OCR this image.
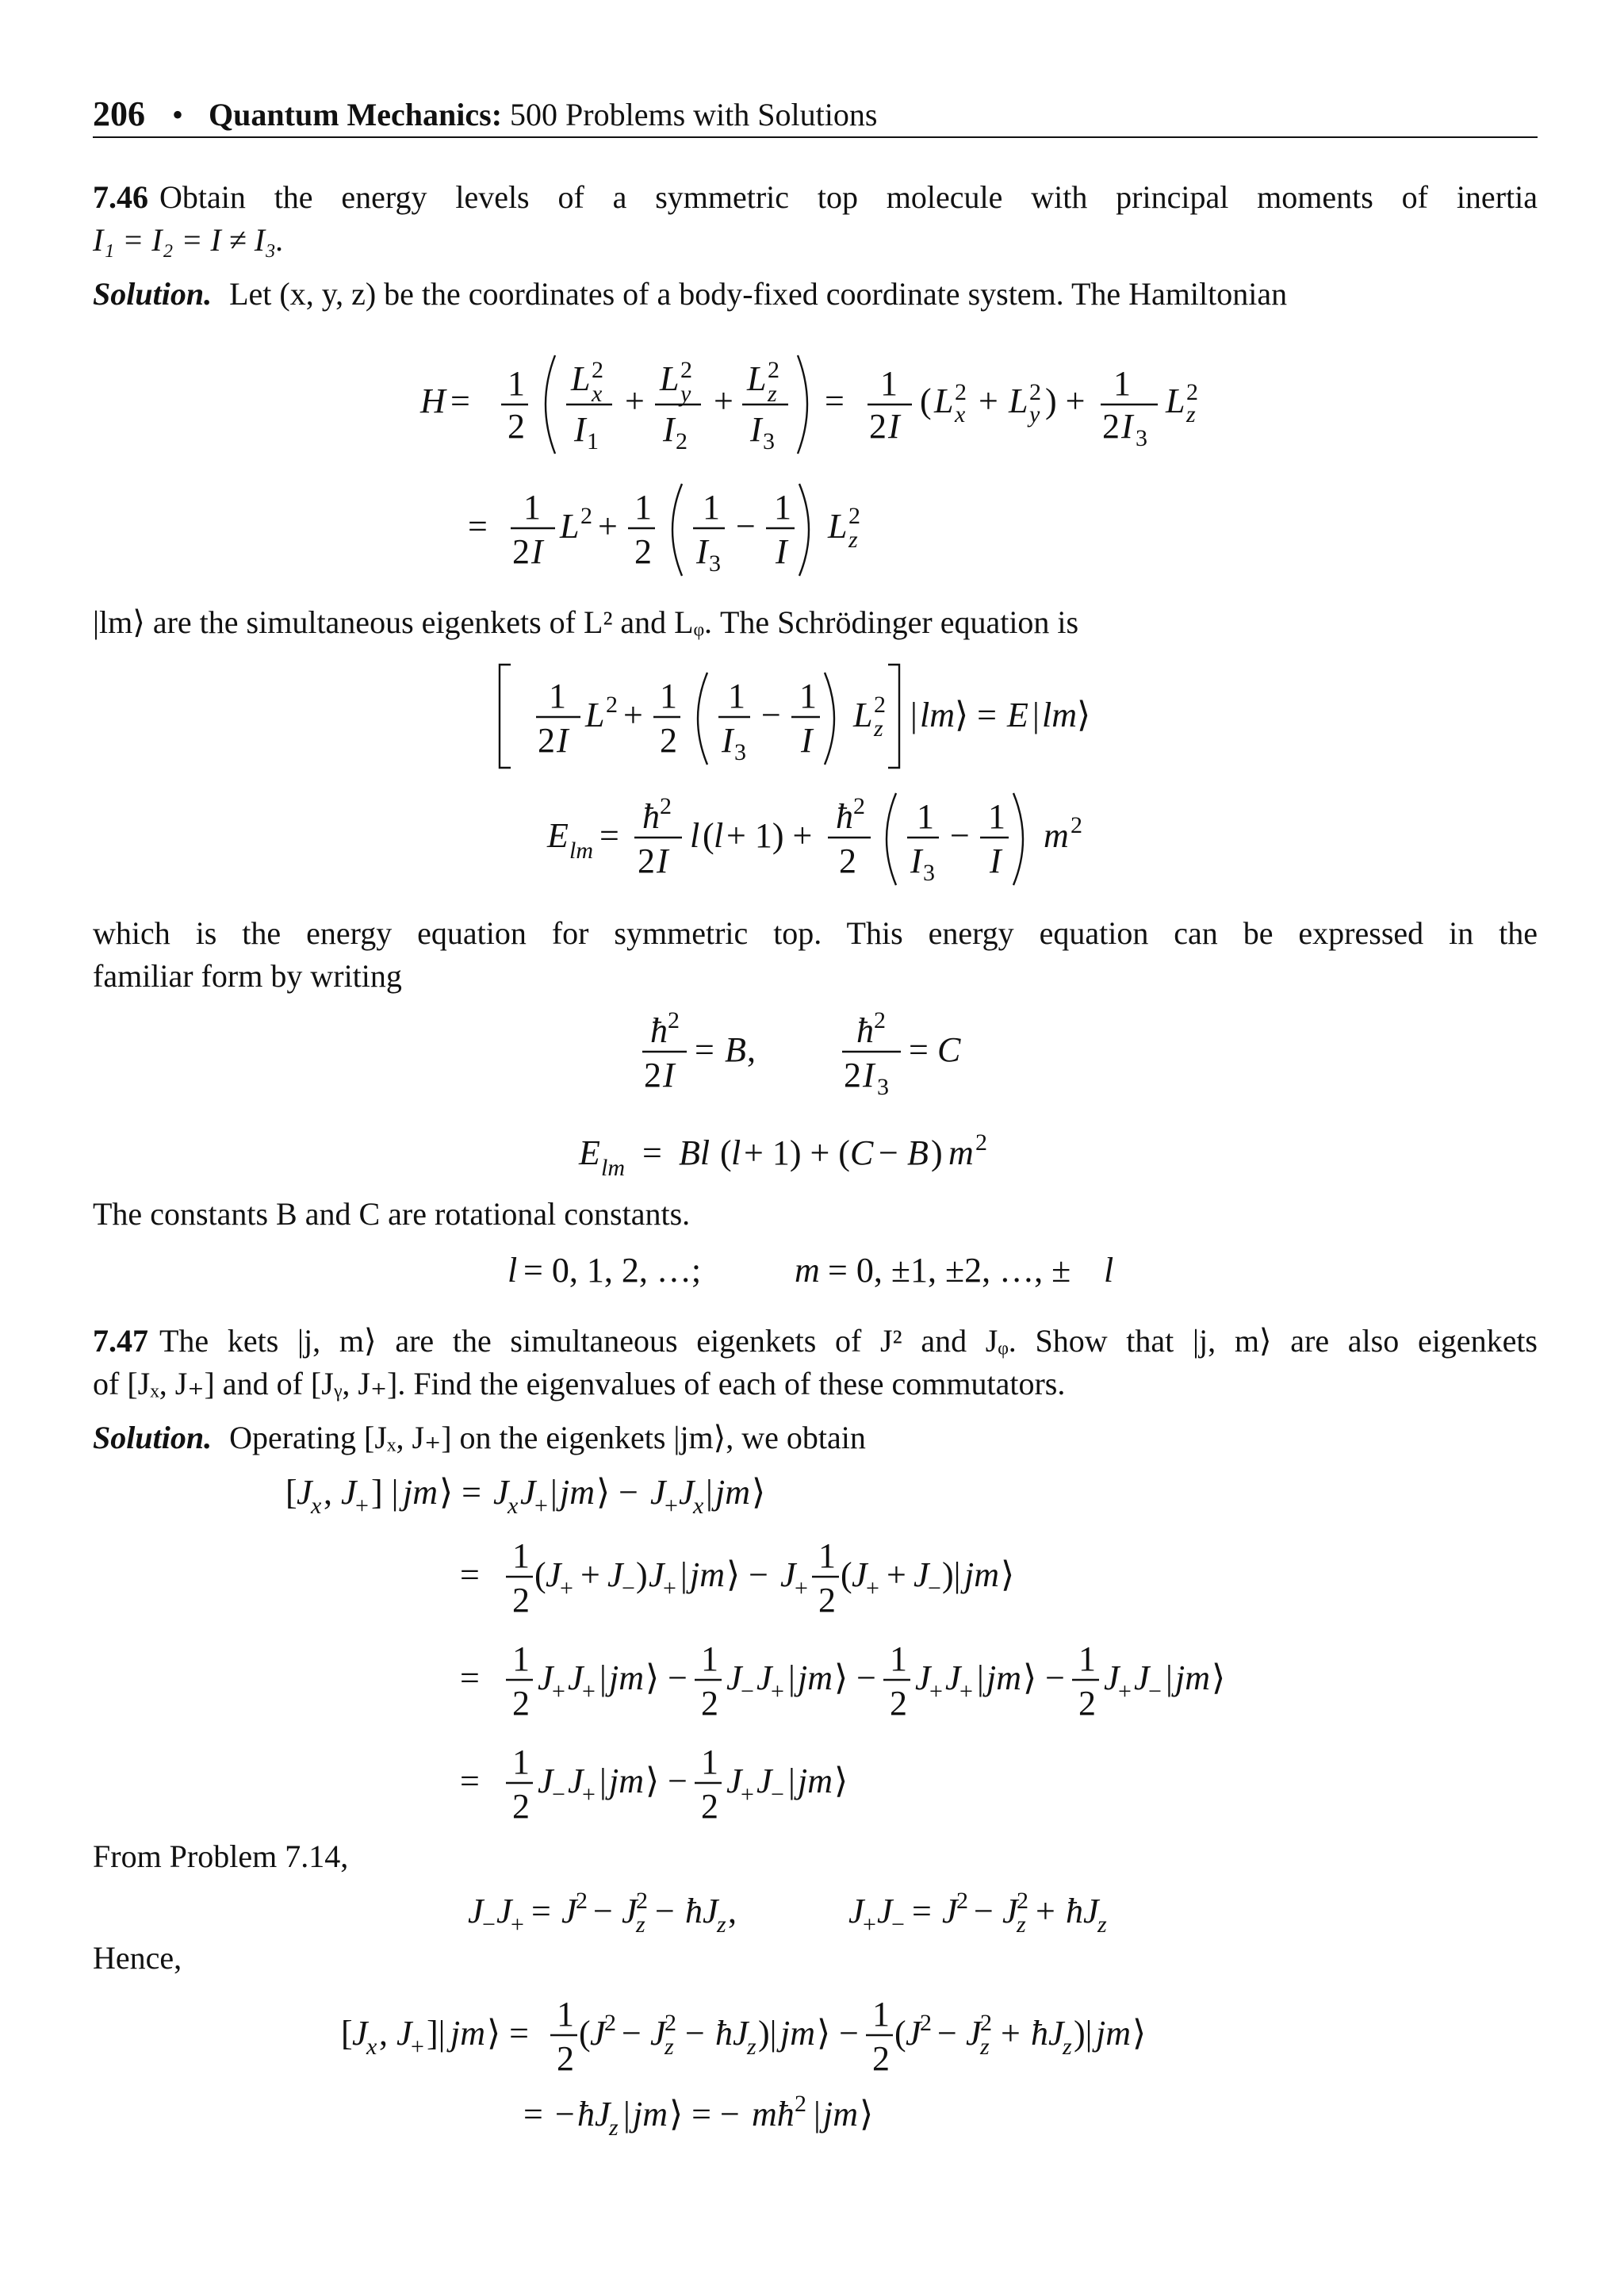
206 • Quantum Mechanics: 500 Problems with Solutions
7.46 Obtain the energy levels of a symmetric top molecule with principal moments of inertia
I₁ = I₂ = I ≠ I₃.
Solution. Let (x, y, z) be the coordinates of a body-fixed coordinate system. The Hamiltonian
H = 1
2
L 2
x
I 1
+
L 2
y
I 2
+
L 2
z
I 3
= 1
2 I
( L 2
x + L 2
y ) + 1
2 I 3
L 2
z
= 1
2 I
L 2 + 1
2
1
I 3
− 1
I
L 2
z
|lm⟩ are the simultaneous eigenkets of L² and Lᵩ. The Schrödinger equation is
1
2 I
L 2 + 1
2
1
I 3
− 1
I
L 2
z | lm ⟩ = E | lm ⟩
E lm = ħ 2
2 I
l ( l + 1) + ħ 2
2
1
I 3
− 1
I
m 2
which is the energy equation for symmetric top. This energy equation can be expressed in the
familiar form by writing
ħ 2
2 I
= B ,	ħ 2
2 I 3
= C
E lm = Bl ( l + 1) + ( C − B ) m 2
The constants B and C are rotational constants.
l = 0, 1, 2, …;	m = 0, ±1, ±2, …, ± l
7.47 The kets |j, m⟩ are the simultaneous eigenkets of J² and Jᵩ. Show that |j, m⟩ are also eigenkets
of [Jₓ, J₊] and of [Jᵧ, J₊]. Find the eigenvalues of each of these commutators.
Solution. Operating [Jₓ, J₊] on the eigenkets |jm⟩, we obtain
[ J
x , J
+ ] | jm ⟩ = J
x J
+ | jm ⟩ − J
+ J
x | jm ⟩
= 1
2
( J
+ + J
− ) J
+ | jm ⟩ − J
+
1
2
( J
+ + J
− )| jm ⟩
= 1
2
J
+ J
+ | jm ⟩ − 1
2
J
− J
+ | jm ⟩ − 1
2
J
+ J
+ | jm ⟩ − 1
2
J
+ J
− | jm ⟩
= 1
2
J
− J
+ | jm ⟩ − 1
2
J
+ J
− | jm ⟩
From Problem 7.14,
J
− J
+ = J
2 − J
2
z − ħJ
z ,	J
+ J
− = J
2 − J
2
z + ħJ
z
Hence,
[ J
x , J
+ ]| jm ⟩ = 1
2
( J
2 − J
2
z − ħJ
z )| jm ⟩ − 1
2
( J
2 − J
2
z + ħJ
z )| jm ⟩
= − ħJ
z | jm ⟩ = − mħ 2 | jm ⟩
